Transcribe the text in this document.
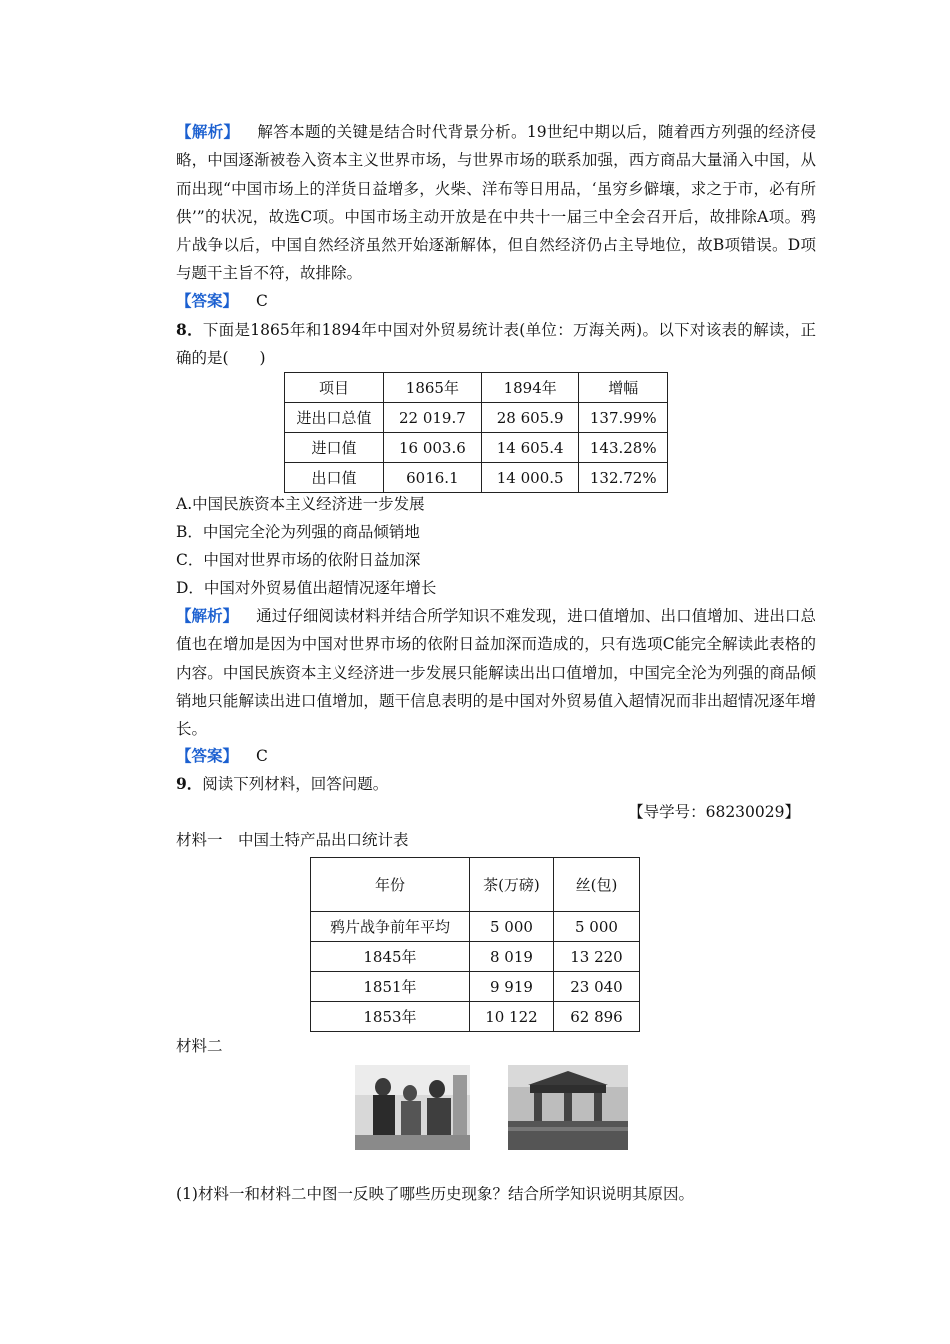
【解析】 解答本题的关键是结合时代背景分析。19世纪中期以后，随着西方列强的经济侵略，中国逐渐被卷入资本主义世界市场，与世界市场的联系加强，西方商品大量涌入中国，从而出现“中国市场上的洋货日益增多，火柴、洋布等日用品，‘虽穷乡僻壤，求之于市，必有所供’”的状况，故选C项。中国市场主动开放是在中共十一届三中全会召开后，故排除A项。鸦片战争以后，中国自然经济虽然开始逐渐解体，但自然经济仍占主导地位，故B项错误。D项与题干主旨不符，故排除。

【答案】 C

8．下面是1865年和1894年中国对外贸易统计表(单位：万海关两)。以下对该表的解读，正确的是(　　)

项目	1865年	1894年	增幅
进出口总值	22 019.7	28 605.9	137.99%
进口值	16 003.6	14 605.4	143.28%
出口值	6016.1	14 000.5	132.72%

A.中国民族资本主义经济进一步发展

B．中国完全沦为列强的商品倾销地

C．中国对世界市场的依附日益加深

D．中国对外贸易值出超情况逐年增长

【解析】 通过仔细阅读材料并结合所学知识不难发现，进口值增加、出口值增加、进出口总值也在增加是因为中国对世界市场的依附日益加深而造成的，只有选项C能完全解读此表格的内容。中国民族资本主义经济进一步发展只能解读出出口值增加，中国完全沦为列强的商品倾销地只能解读出进口值增加，题干信息表明的是中国对外贸易值入超情况而非出超情况逐年增长。

【答案】 C

9．阅读下列材料，回答问题。

【导学号：68230029】

材料一　中国土特产品出口统计表

年份	茶(万磅)	丝(包)
鸦片战争前年平均	5 000	5 000
1845年	8 019	13 220
1851年	9 919	23 040
1853年	10 122	62 896

材料二

(1)材料一和材料二中图一反映了哪些历史现象？结合所学知识说明其原因。
